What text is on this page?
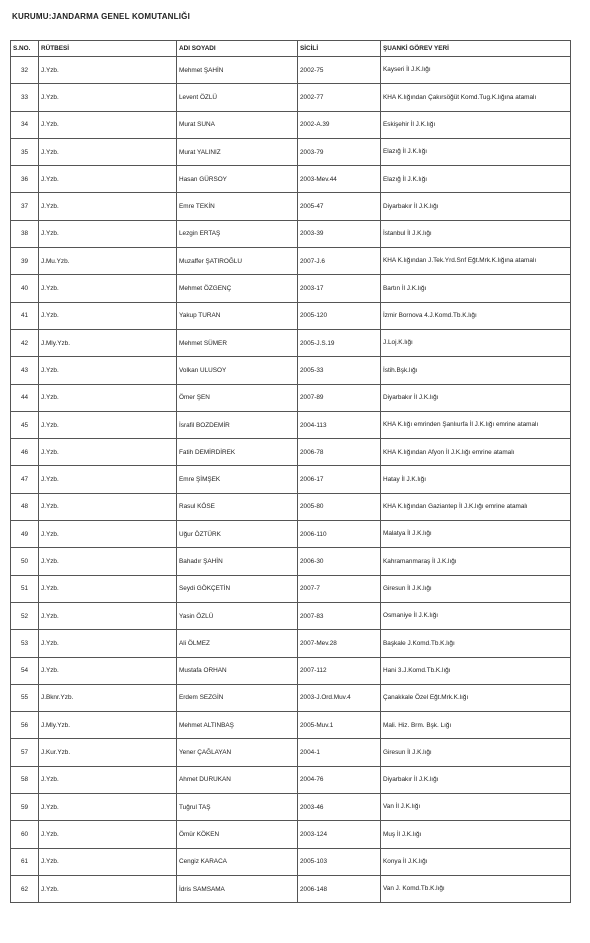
KURUMU:JANDARMA GENEL KOMUTANLIĞI
S.NO.	RÜTBESİ	ADI SOYADI	SİCİLİ	ŞUANKİ GÖREV YERİ
32	J.Yzb.	Mehmet ŞAHİN	2002-75	Kayseri İl J.K.lığı
33	J.Yzb.	Levent ÖZLÜ	2002-77	KHA K.lığından Çakırsöğüt Komd.Tug.K.lığına atamalı
34	J.Yzb.	Murat SUNA	2002-A.39	Eskişehir İl J.K.lığı
35	J.Yzb.	Murat YALINIZ	2003-79	Elazığ İl J.K.lığı
36	J.Yzb.	Hasan GÜRSOY	2003-Mev.44	Elazığ İl J.K.lığı
37	J.Yzb.	Emre TEKİN	2005-47	Diyarbakır İl J.K.lığı
38	J.Yzb.	Lezgin ERTAŞ	2003-39	İstanbul İl J.K.lığı
39	J.Mu.Yzb.	Muzaffer ŞATIROĞLU	2007-J.6	KHA K.lığından J.Tek.Yrd.Snf Eğt.Mrk.K.lığına atamalı
40	J.Yzb.	Mehmet ÖZGENÇ	2003-17	Bartın İl J.K.lığı
41	J.Yzb.	Yakup TURAN	2005-120	İzmir Bornova 4.J.Komd.Tb.K.lığı
42	J.Mly.Yzb.	Mehmet SÜMER	2005-J.S.19	J.Loj.K.lığı
43	J.Yzb.	Volkan ULUSOY	2005-33	İstih.Bşk.lığı
44	J.Yzb.	Ömer ŞEN	2007-89	Diyarbakır İl J.K.lığı
45	J.Yzb.	İsrafil BOZDEMİR	2004-113	KHA K.lığı emrinden Şanlıurfa İl J.K.lığı emrine atamalı
46	J.Yzb.	Fatih DEMİRDİREK	2006-78	KHA K.lığından Afyon İl J.K.lığı emrine atamalı
47	J.Yzb.	Emre ŞİMŞEK	2006-17	Hatay İl J.K.lığı
48	J.Yzb.	Rasul KÖSE	2005-80	KHA K.lığından Gaziantep İl J.K.lığı emrine atamalı
49	J.Yzb.	Uğur ÖZTÜRK	2006-110	Malatya İl J.K.lığı
50	J.Yzb.	Bahadır ŞAHİN	2006-30	Kahramanmaraş İl J.K.lığı
51	J.Yzb.	Seydi GÖKÇETİN	2007-7	Giresun İl J.K.lığı
52	J.Yzb.	Yasin ÖZLÜ	2007-83	Osmaniye İl J.K.lığı
53	J.Yzb.	Ali ÖLMEZ	2007-Mev.28	Başkale J.Komd.Tb.K.lığı
54	J.Yzb.	Mustafa ORHAN	2007-112	Hani 3.J.Komd.Tb.K.lığı
55	J.Bknr.Yzb.	Erdem SEZGİN	2003-J.Ord.Muv.4	Çanakkale Özel Eğt.Mrk.K.lığı
56	J.Mly.Yzb.	Mehmet ALTINBAŞ	2005-Muv.1	Mali. Hiz. Brm. Bşk. Lığı
57	J.Kur.Yzb.	Yener ÇAĞLAYAN	2004-1	Giresun İl J.K.lığı
58	J.Yzb.	Ahmet DURUKAN	2004-76	Diyarbakır İl J.K.lığı
59	J.Yzb.	Tuğrul TAŞ	2003-46	Van İl J.K.lığı
60	J.Yzb.	Ömür KÖKEN	2003-124	Muş İl J.K.lığı
61	J.Yzb.	Cengiz KARACA	2005-103	Konya İl J.K.lığı
62	J.Yzb.	İdris SAMSAMA	2006-148	Van J. Komd.Tb.K.lığı
